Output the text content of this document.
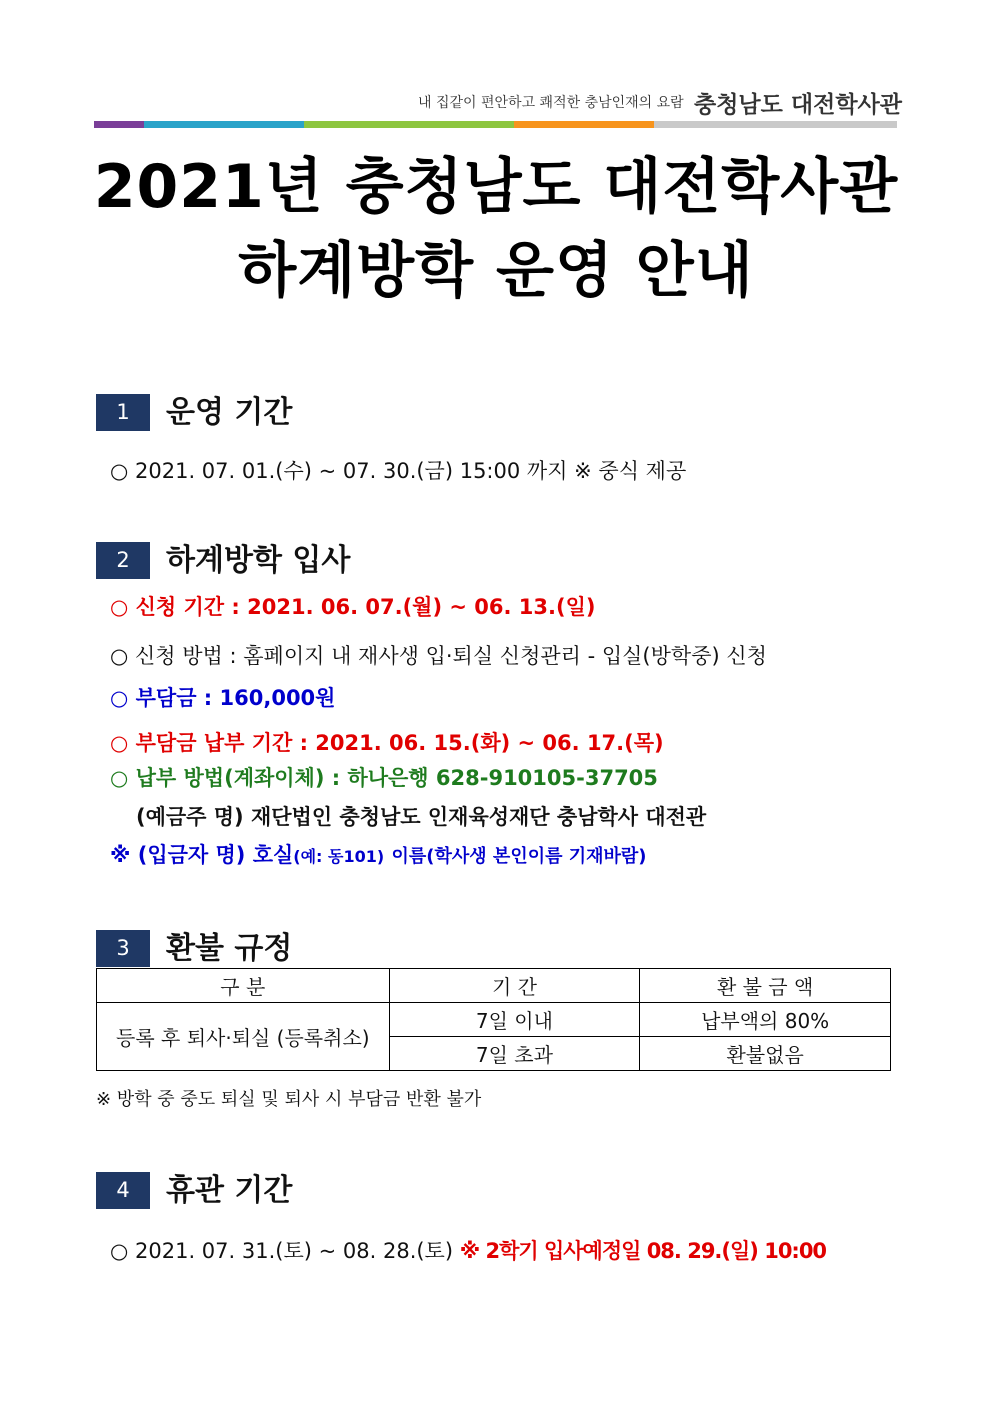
내 집같이 편안하고 쾌적한 충남인재의 요람 충청남도 대전학사관
2021년 충청남도 대전학사관
하계방학 운영 안내
1	운영 기간
○ 2021. 07. 01.(수) ~ 07. 30.(금) 15:00 까지 ※ 중식 제공
2	하계방학 입사
○ 신청 기간 : 2021. 06. 07.(월) ~ 06. 13.(일)
○ 신청 방법 : 홈페이지 내 재사생 입·퇴실 신청관리 - 입실(방학중) 신청
○ 부담금 : 160,000원
○ 부담금 납부 기간 : 2021. 06. 15.(화) ~ 06. 17.(목)
○ 납부 방법(계좌이체) : 하나은행 628-910105-37705
(예금주 명) 재단법인 충청남도 인재육성재단 충남학사 대전관
※ (입금자 명) 호실(예: 동101) 이름(학사생 본인이름 기재바람)
3	환불 규정
구 분	기 간	환 불 금 액
등록 후 퇴사·퇴실 (등록취소)	7일 이내	납부액의 80%
	7일 초과	환불없음
※ 방학 중 중도 퇴실 및 퇴사 시 부담금 반환 불가
4	휴관 기간
○ 2021. 07. 31.(토) ~ 08. 28.(토) ※ 2학기 입사예정일 08. 29.(일) 10:00
